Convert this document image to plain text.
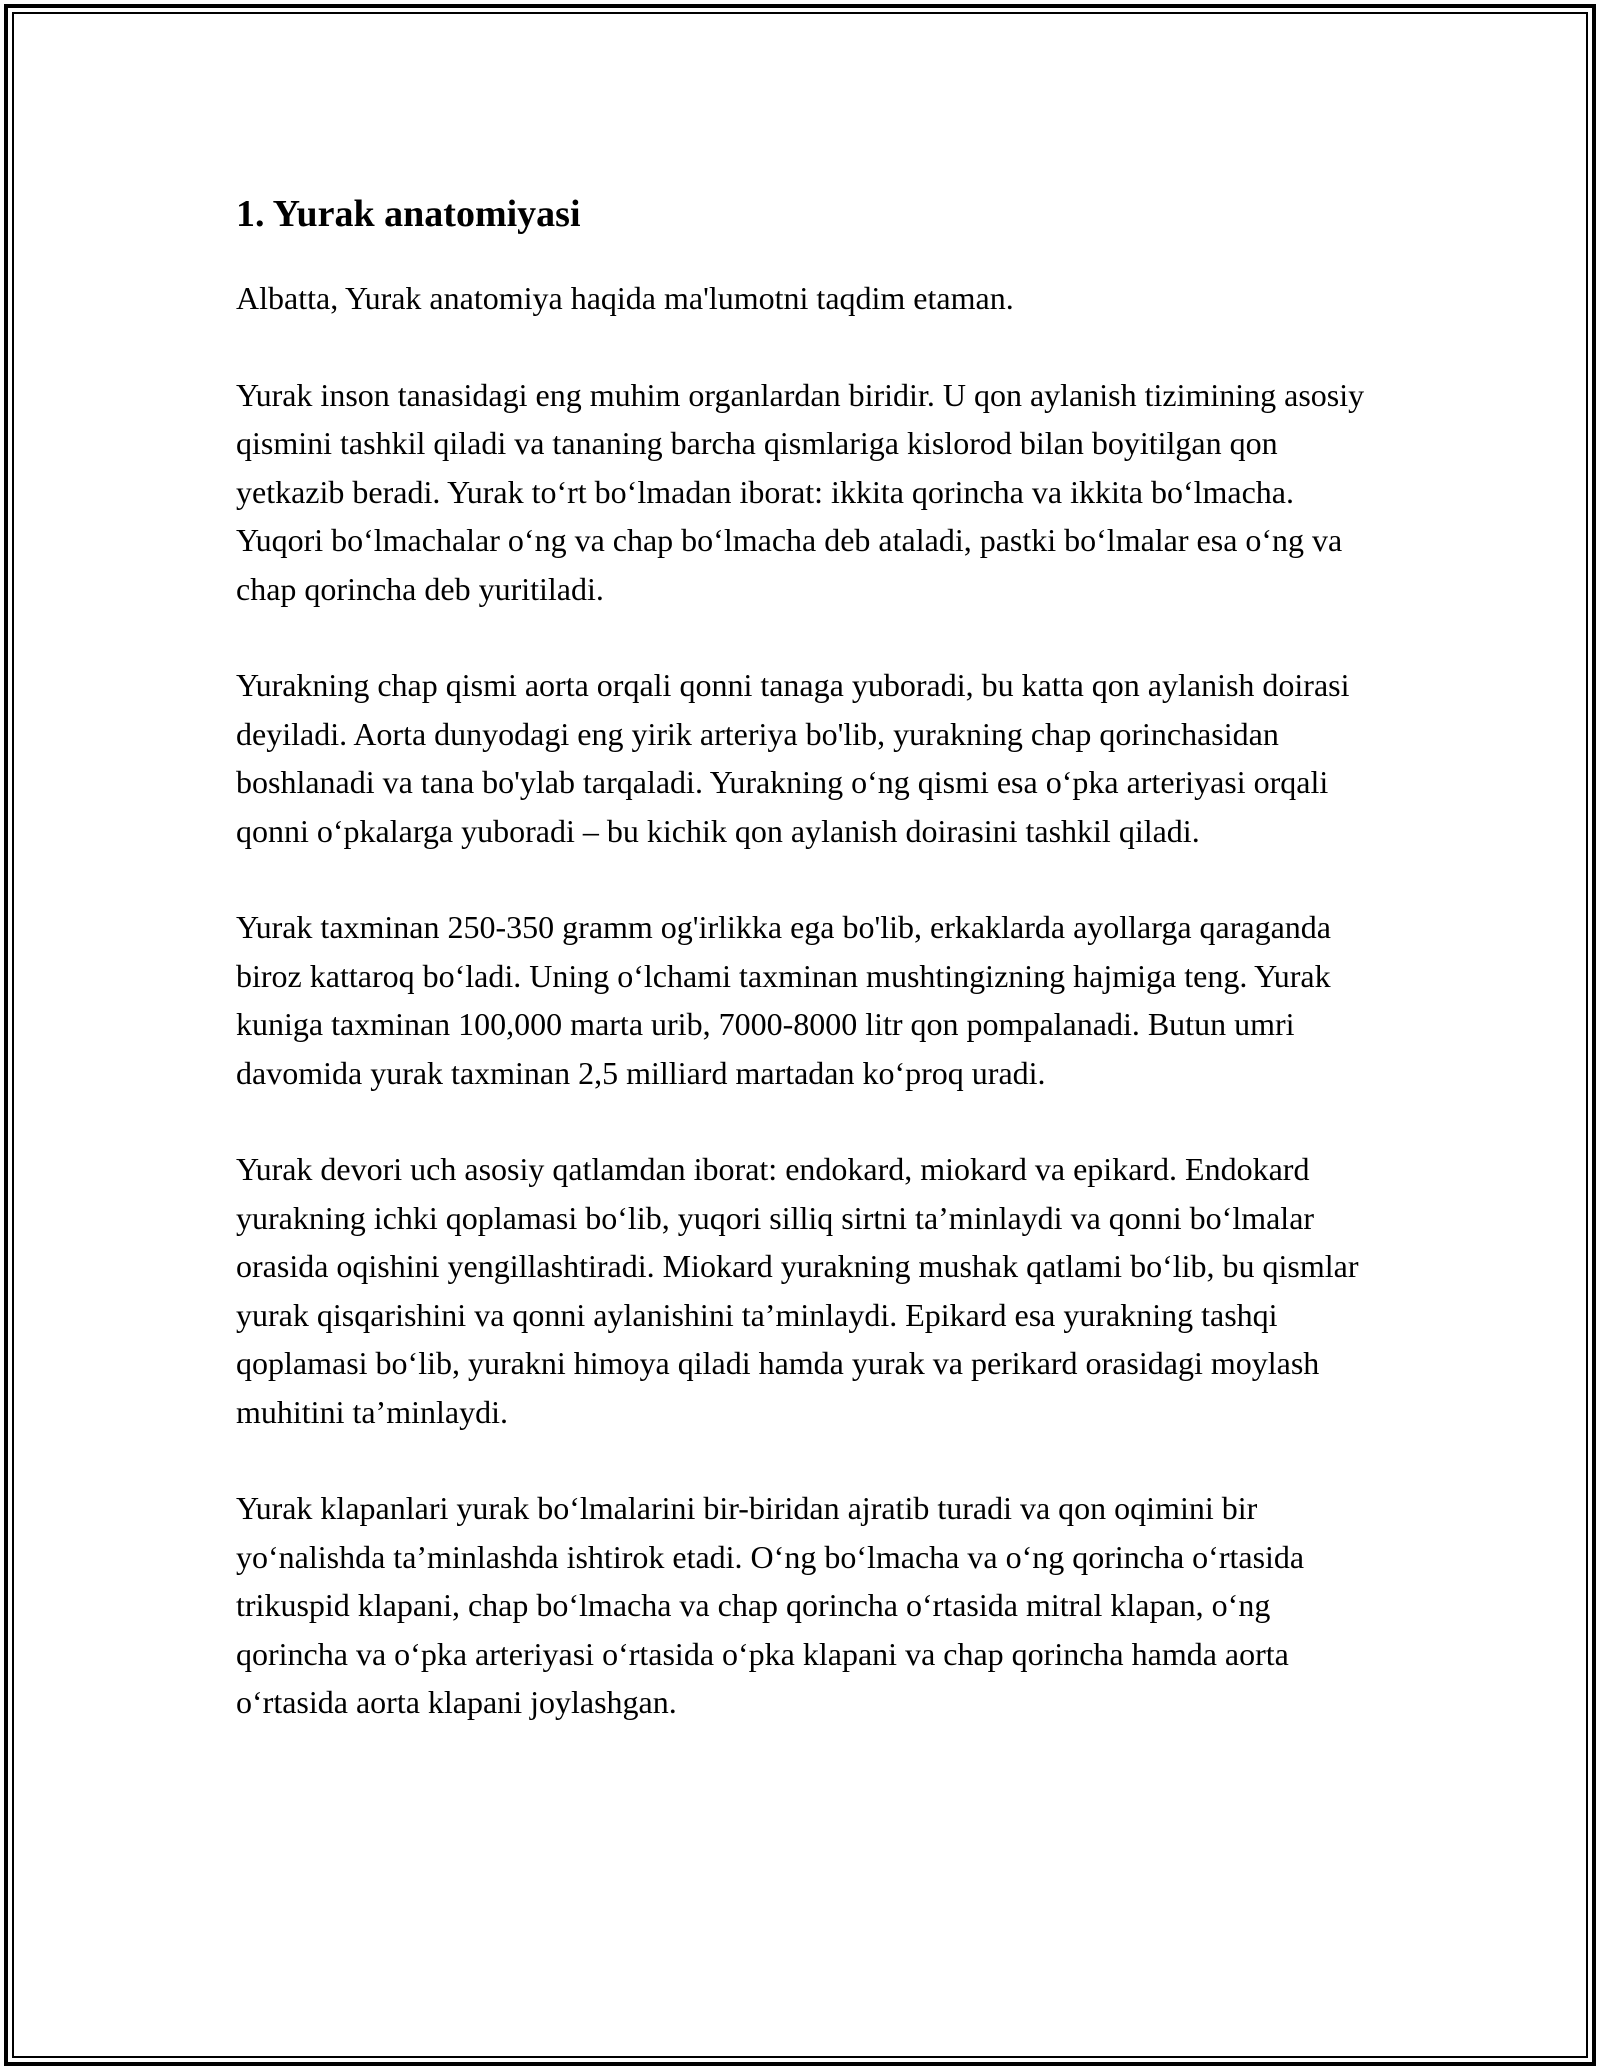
1. Yurak anatomiyasi

Albatta, Yurak anatomiya haqida ma'lumotni taqdim etaman.

Yurak inson tanasidagi eng muhim organlardan biridir. U qon aylanish tizimining asosiy qismini tashkil qiladi va tananing barcha qismlariga kislorod bilan boyitilgan qon yetkazib beradi. Yurak to‘rt bo‘lmadan iborat: ikkita qorincha va ikkita bo‘lmacha. Yuqori bo‘lmachalar o‘ng va chap bo‘lmacha deb ataladi, pastki bo‘lmalar esa o‘ng va chap qorincha deb yuritiladi.

Yurakning chap qismi aorta orqali qonni tanaga yuboradi, bu katta qon aylanish doirasi deyiladi. Aorta dunyodagi eng yirik arteriya bo'lib, yurakning chap qorinchasidan boshlanadi va tana bo'ylab tarqaladi. Yurakning o‘ng qismi esa o‘pka arteriyasi orqali qonni o‘pkalarga yuboradi – bu kichik qon aylanish doirasini tashkil qiladi.

Yurak taxminan 250-350 gramm og'irlikka ega bo'lib, erkaklarda ayollarga qaraganda biroz kattaroq bo‘ladi. Uning o‘lchami taxminan mushtingizning hajmiga teng. Yurak kuniga taxminan 100,000 marta urib, 7000-8000 litr qon pompalanadi. Butun umri davomida yurak taxminan 2,5 milliard martadan ko‘proq uradi.

Yurak devori uch asosiy qatlamdan iborat: endokard, miokard va epikard. Endokard yurakning ichki qoplamasi bo‘lib, yuqori silliq sirtni ta’minlaydi va qonni bo‘lmalar orasida oqishini yengillashtiradi. Miokard yurakning mushak qatlami bo‘lib, bu qismlar yurak qisqarishini va qonni aylanishini ta’minlaydi. Epikard esa yurakning tashqi qoplamasi bo‘lib, yurakni himoya qiladi hamda yurak va perikard orasidagi moylash muhitini ta’minlaydi.

Yurak klapanlari yurak bo‘lmalarini bir-biridan ajratib turadi va qon oqimini bir yo‘nalishda ta’minlashda ishtirok etadi. O‘ng bo‘lmacha va o‘ng qorincha o‘rtasida trikuspid klapani, chap bo‘lmacha va chap qorincha o‘rtasida mitral klapan, o‘ng qorincha va o‘pka arteriyasi o‘rtasida o‘pka klapani va chap qorincha hamda aorta o‘rtasida aorta klapani joylashgan.
